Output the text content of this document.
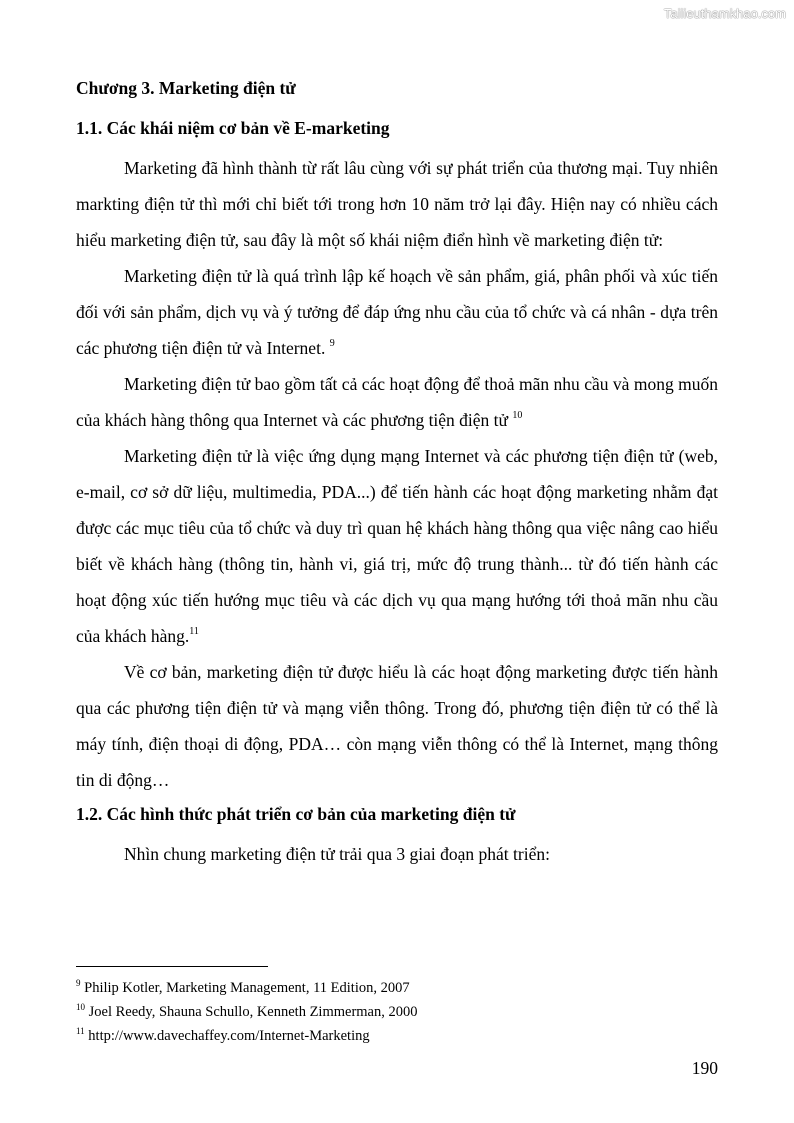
Tailieuthamkhao.com
Chương 3. Marketing điện tử
1.1. Các khái niệm cơ bản về E-marketing

Marketing đã hình thành từ rất lâu cùng với sự phát triển của thương mại. Tuy nhiên markting điện tử thì mới chỉ biết tới trong hơn 10 năm trở lại đây. Hiện nay có nhiều cách hiểu marketing điện tử, sau đây là một số khái niệm điển hình về marketing điện tử:

Marketing điện tử là quá trình lập kế hoạch về sản phẩm, giá, phân phối và xúc tiến đối với sản phẩm, dịch vụ và ý tưởng để đáp ứng nhu cầu của tổ chức và cá nhân - dựa trên các phương tiện điện tử và Internet. $^9$

Marketing điện tử bao gồm tất cả các hoạt động để thoả mãn nhu cầu và mong muốn của khách hàng thông qua Internet và các phương tiện điện tử $^{10}$

Marketing điện tử là việc ứng dụng mạng Internet và các phương tiện điện tử (web, e-mail, cơ sở dữ liệu, multimedia, PDA...) để tiến hành các hoạt động marketing nhằm đạt được các mục tiêu của tổ chức và duy trì quan hệ khách hàng thông qua việc nâng cao hiểu biết về khách hàng (thông tin, hành vi, giá trị, mức độ trung thành... từ đó tiến hành các hoạt động xúc tiến hướng mục tiêu và các dịch vụ qua mạng hướng tới thoả mãn nhu cầu của khách hàng.$^{11}$

Về cơ bản, marketing điện tử được hiểu là các hoạt động marketing được tiến hành qua các phương tiện điện tử và mạng viễn thông. Trong đó, phương tiện điện tử có thể là máy tính, điện thoại di động, PDA… còn mạng viễn thông có thể là Internet, mạng thông tin di động…

1.2. Các hình thức phát triển cơ bản của marketing điện tử

Nhìn chung marketing điện tử trải qua 3 giai đoạn phát triển:

$^9$ Philip Kotler, Marketing Management, 11 Edition, 2007
$^{10}$ Joel Reedy, Shauna Schullo, Kenneth Zimmerman, 2000
$^{11}$ http://www.davechaffey.com/Internet-Marketing
190
